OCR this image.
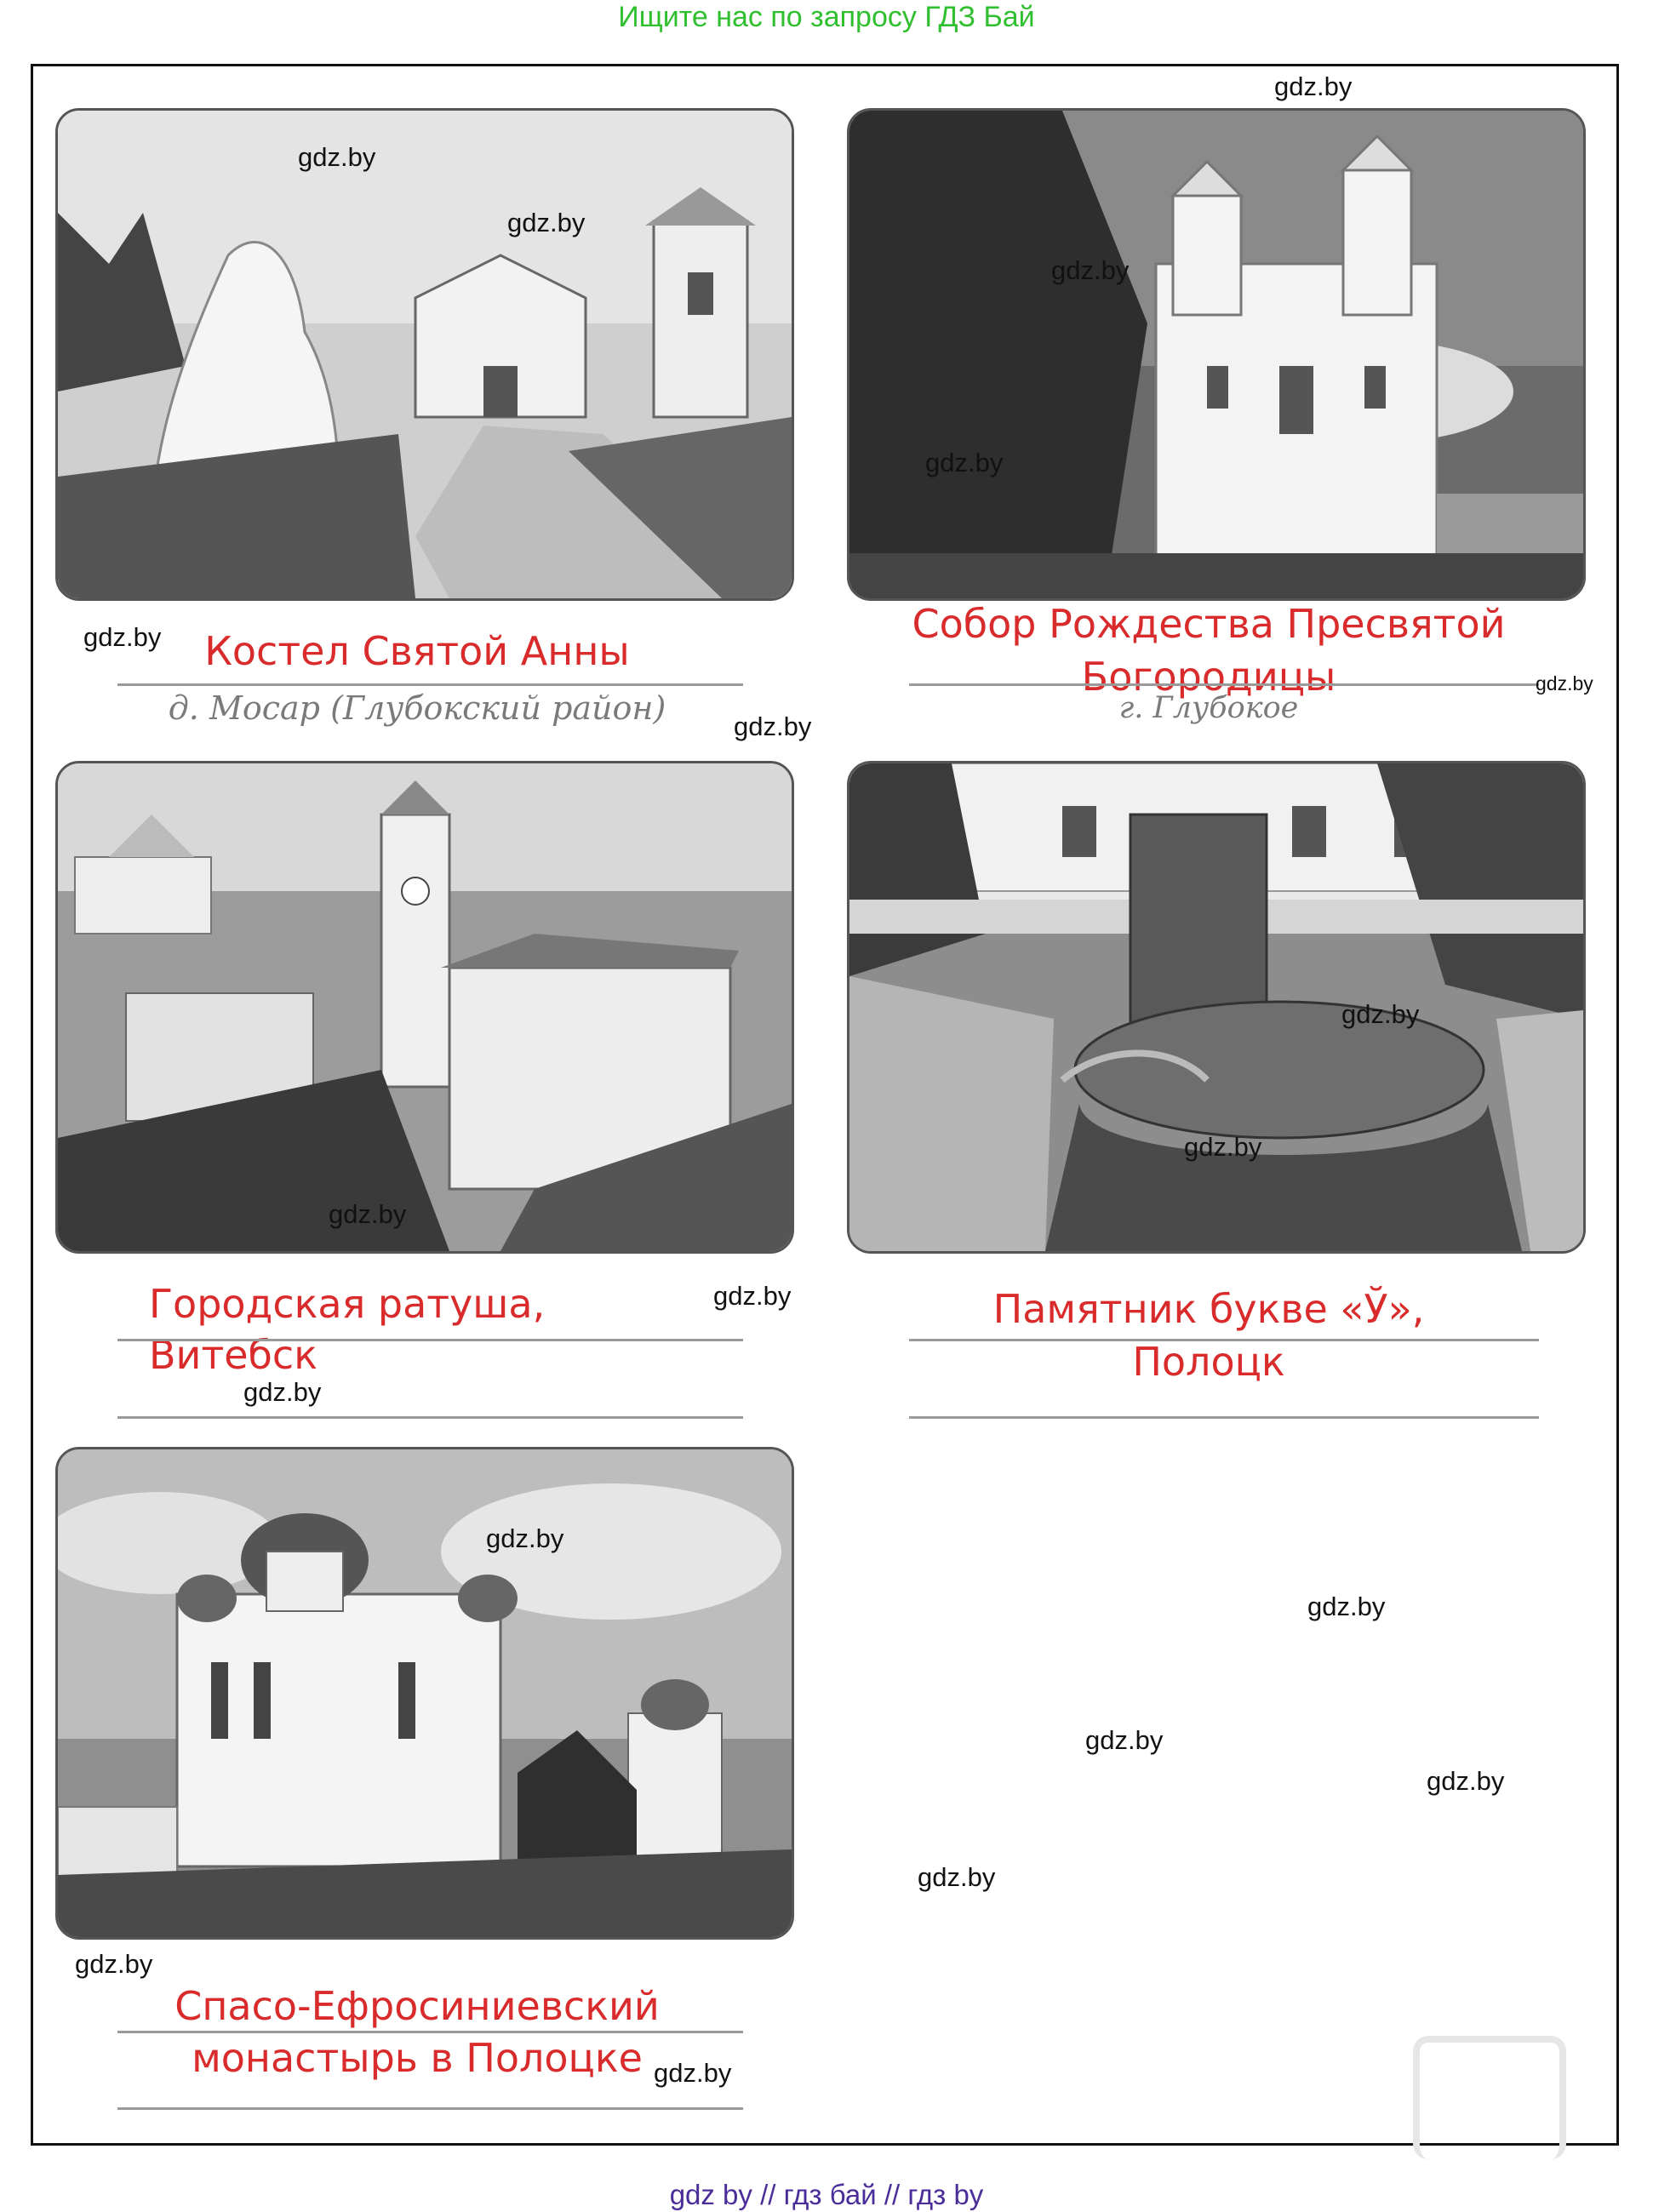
Ищите нас по запросу ГДЗ Бай
Костел Святой Анны
д. Мосар (Глубокский район)
Собор Рождества Пресвятой
Богородицы
г. Глубокое
Городская ратуша, Витебск
Памятник букве «Ў»,
Полоцк
Спасо-Ефросиниевский
монастырь в Полоцке
gdz.by
gdz.by
gdz.by
gdz.by
gdz.by
gdz.by
gdz.by
gdz.by
gdz.by
gdz.by
gdz.by
gdz.by
gdz.by
gdz.by
gdz.by
gdz.by
gdz.by
gdz.by
gdz.by
gdz.by
gdz by // гдз бай // гдз by
